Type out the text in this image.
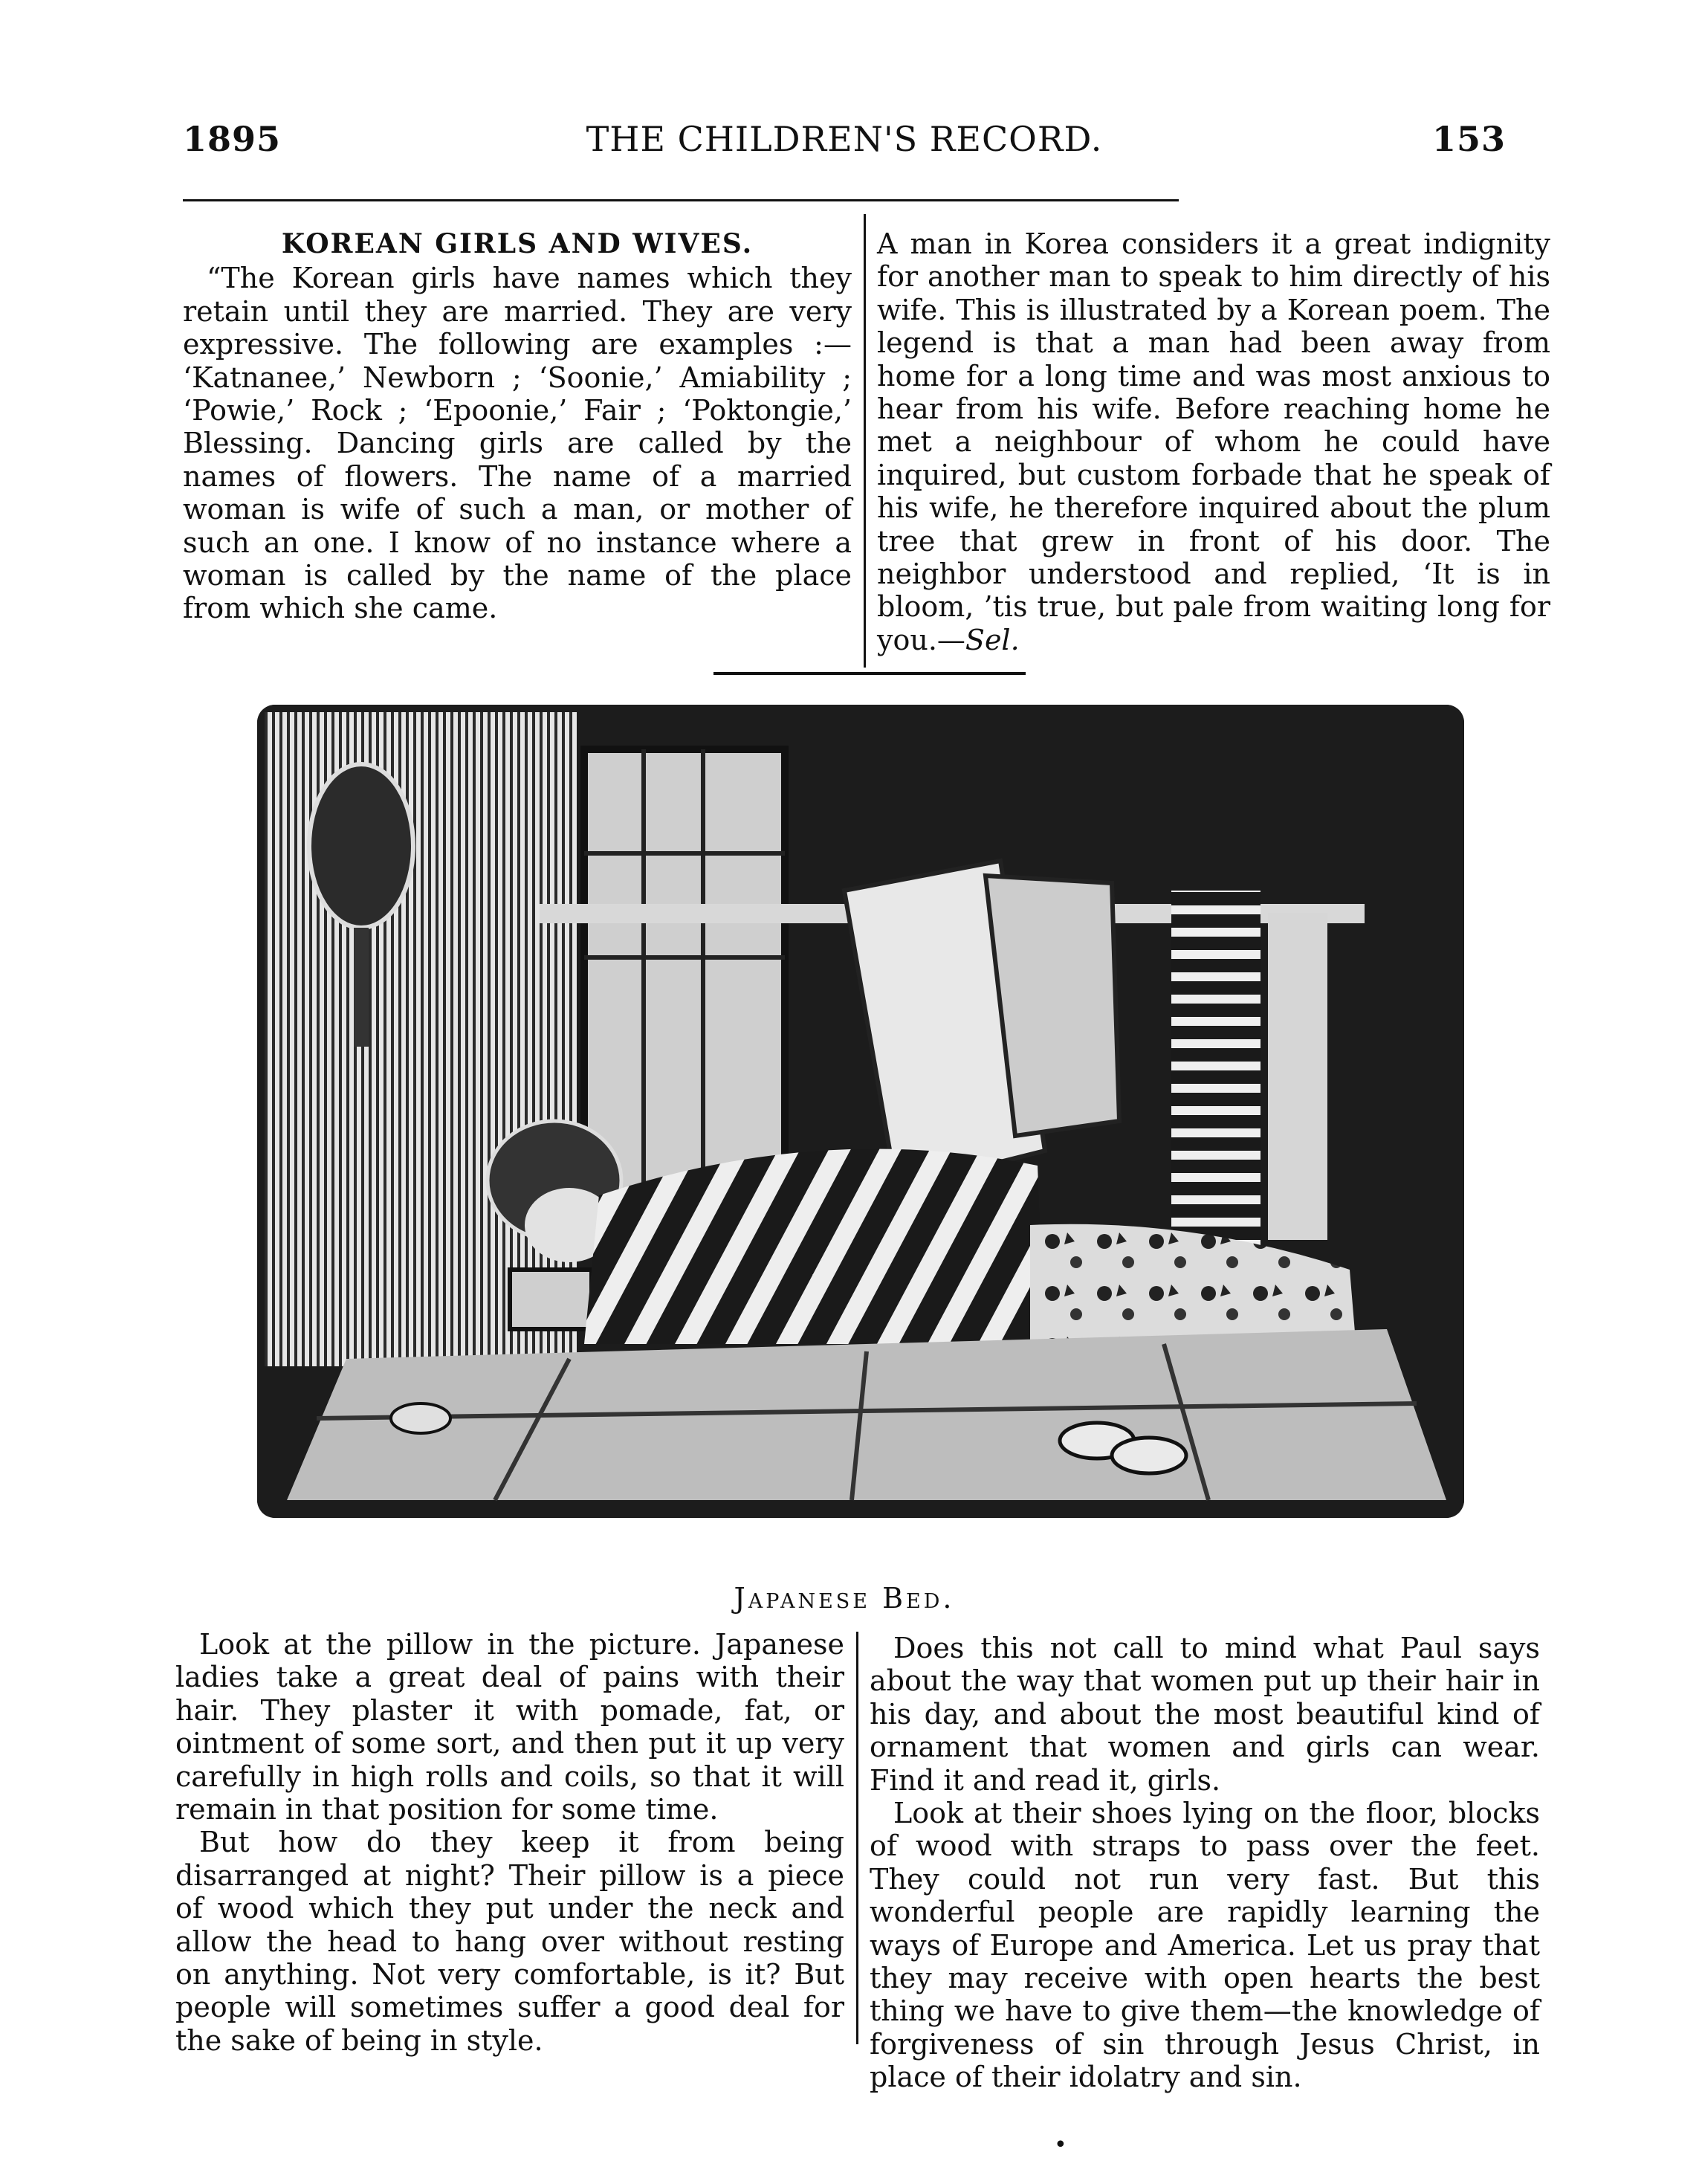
THE CHILDREN'S RECORD.
1895	153

KOREAN GIRLS AND WIVES.

“The Korean girls have names which they retain until they are married. They are very expressive. The following are examples :— ‘Katnanee,’ Newborn ; ‘Soonie,’ Amiability ; ‘Powie,’ Rock ; ‘Epoonie,’ Fair ; ‘Poktongie,’ Blessing. Dancing girls are called by the names of flowers. The name of a married woman is wife of such a man, or mother of such an one. I know of no instance where a woman is called by the name of the place from which she came.

A man in Korea considers it a great indignity for another man to speak to him directly of his wife. This is illustrated by a Korean poem. The legend is that a man had been away from home for a long time and was most anxious to hear from his wife. Before reaching home he met a neighbour of whom he could have inquired, but custom forbade that he speak of his wife, he therefore inquired about the plum tree that grew in front of his door. The neighbor understood and replied, ‘It is in bloom, ’tis true, but pale from waiting long for you.—Sel.

Japanese Bed.

Look at the pillow in the picture. Japanese ladies take a great deal of pains with their hair. They plaster it with pomade, fat, or ointment of some sort, and then put it up very carefully in high rolls and coils, so that it will remain in that position for some time.

But how do they keep it from being disarranged at night? Their pillow is a piece of wood which they put under the neck and allow the head to hang over without resting on anything. Not very comfortable, is it? But people will sometimes suffer a good deal for the sake of being in style.

Does this not call to mind what Paul says about the way that women put up their hair in his day, and about the most beautiful kind of ornament that women and girls can wear. Find it and read it, girls.

Look at their shoes lying on the floor, blocks of wood with straps to pass over the feet. They could not run very fast. But this wonderful people are rapidly learning the ways of Europe and America. Let us pray that they may receive with open hearts the best thing we have to give them—the knowledge of forgiveness of sin through Jesus Christ, in place of their idolatry and sin.

•
